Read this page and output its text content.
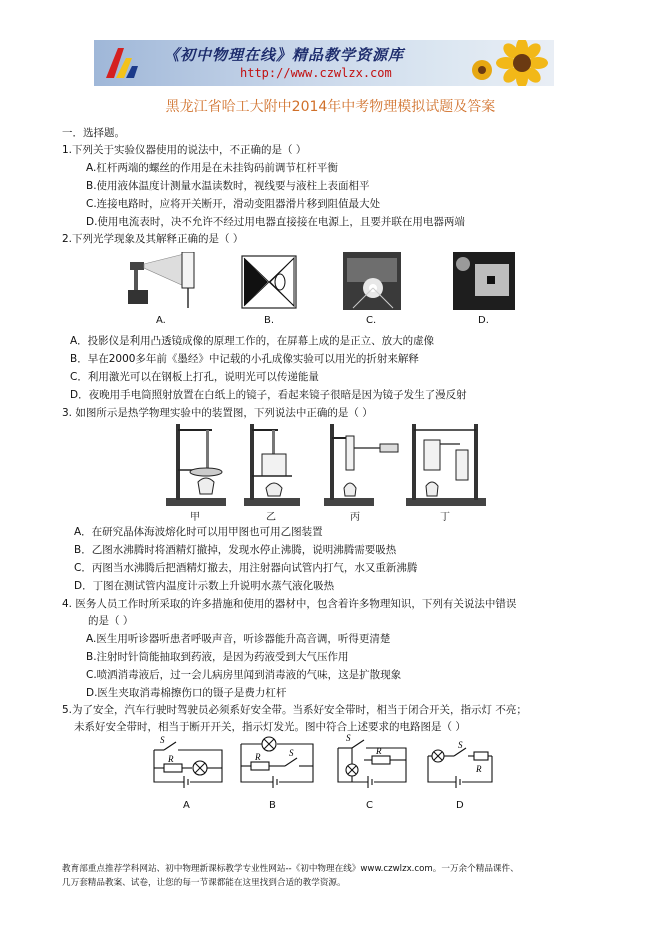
《初中物理在线》精品教学资源库
http://www.czwlzx.com
黑龙江省哈工大附中2014年中考物理模拟试题及答案
一．选择题。
1.下列关于实验仪器使用的说法中，不正确的是（ ）
A.杠杆两端的螺丝的作用是在未挂钩码前调节杠杆平衡
B.使用液体温度计测量水温读数时，视线要与液柱上表面相平
C.连接电路时，应将开关断开，滑动变阻器滑片移到阻值最大处
D.使用电流表时，决不允许不经过用电器直接接在电源上，且要并联在用电器两端
2.下列光学现象及其解释正确的是（ ）
A.	B.	C.	D.
A．投影仪是利用凸透镜成像的原理工作的，在屏幕上成的是正立、放大的虚像
B．早在2000多年前《墨经》中记载的小孔成像实验可以用光的折射来解释
C．利用激光可以在钢板上打孔，说明光可以传递能量
D．夜晚用手电筒照射放置在白纸上的镜子，看起来镜子很暗是因为镜子发生了漫反射
3. 如图所示是热学物理实验中的装置图，下列说法中正确的是（ ）
甲	乙	丙	丁
A．在研究晶体海波熔化时可以用甲图也可用乙图装置
B．乙图水沸腾时将酒精灯撤掉，发现水停止沸腾，说明沸腾需要吸热
C．丙图当水沸腾后把酒精灯撤去，用注射器向试管内打气，水又重新沸腾
D．丁图在测试管内温度计示数上升说明水蒸气液化吸热
4. 医务人员工作时所采取的许多措施和使用的器材中，包含着许多物理知识，下列有关说法中错误
的是（ ）
A.医生用听诊器听患者呼吸声音，听诊器能升高音调，听得更清楚
B.注射时针筒能抽取到药液，是因为药液受到大气压作用
C.喷洒消毒液后，过一会儿病房里闻到消毒液的气味，这是扩散现象
D.医生夹取消毒棉擦伤口的镊子是费力杠杆
5.为了安全，汽车行驶时驾驶员必须系好安全带。当系好安全带时，相当于闭合开关，指示灯 不亮；
未系好安全带时，相当于断开开关，指示灯发光。图中符合上述要求的电路图是（ ）
S
R
A
R	S
B
S
R
C
S
R
D
教育部重点推荐学科网站、初中物理新课标教学专业性网站--《初中物理在线》www.czwlzx.com。一万余个精品课件、
几万套精品教案、试卷，让您的每一节课都能在这里找到合适的教学资源。
